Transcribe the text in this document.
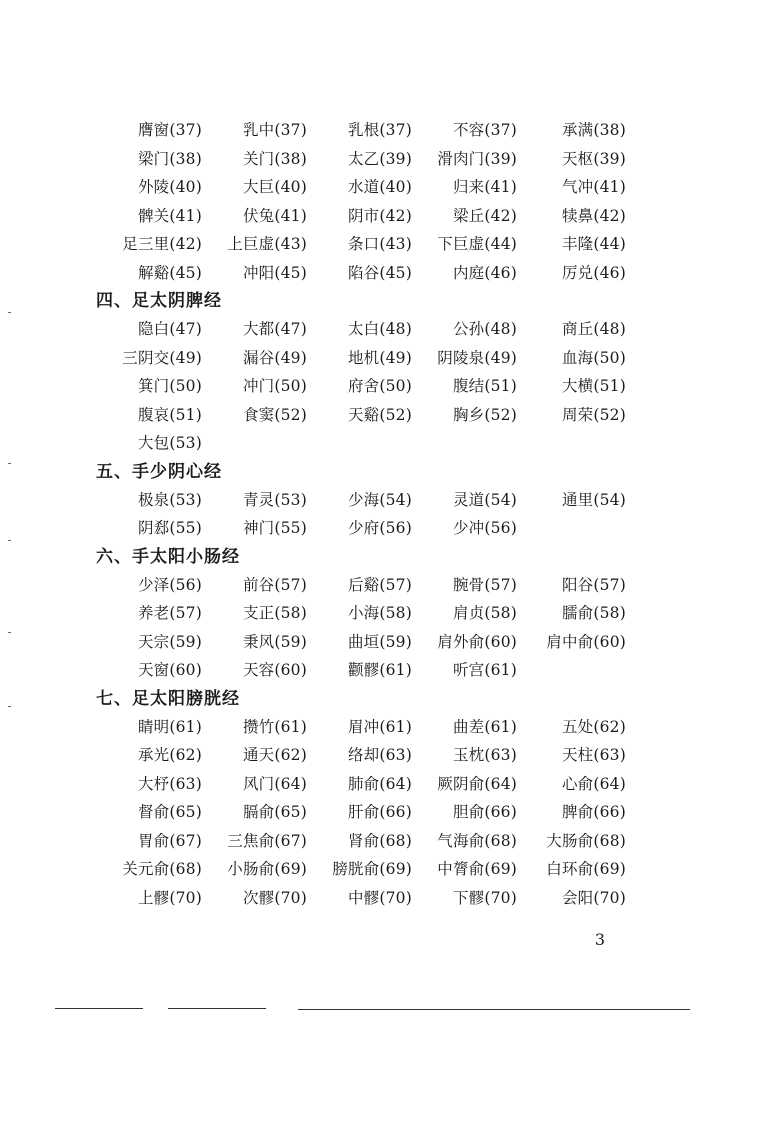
膺窗(37)	乳中(37)	乳根(37)	不容(37)	承满(38)
梁门(38)	关门(38)	太乙(39)	滑肉门(39)	天枢(39)
外陵(40)	大巨(40)	水道(40)	归来(41)	气冲(41)
髀关(41)	伏兔(41)	阴市(42)	梁丘(42)	犊鼻(42)
足三里(42)	上巨虚(43)	条口(43)	下巨虚(44)	丰隆(44)
解谿(45)	冲阳(45)	陷谷(45)	内庭(46)	厉兑(46)
四、足太阴脾经
隐白(47)	大都(47)	太白(48)	公孙(48)	商丘(48)
三阴交(49)	漏谷(49)	地机(49)	阴陵泉(49)	血海(50)
箕门(50)	冲门(50)	府舍(50)	腹结(51)	大横(51)
腹哀(51)	食窦(52)	天谿(52)	胸乡(52)	周荣(52)
大包(53)
五、手少阴心经
极泉(53)	青灵(53)	少海(54)	灵道(54)	通里(54)
阴郄(55)	神门(55)	少府(56)	少冲(56)
六、手太阳小肠经
少泽(56)	前谷(57)	后谿(57)	腕骨(57)	阳谷(57)
养老(57)	支正(58)	小海(58)	肩贞(58)	臑俞(58)
天宗(59)	秉风(59)	曲垣(59)	肩外俞(60)	肩中俞(60)
天窗(60)	天容(60)	颧髎(61)	听宫(61)
七、足太阳膀胱经
睛明(61)	攒竹(61)	眉冲(61)	曲差(61)	五处(62)
承光(62)	通天(62)	络却(63)	玉枕(63)	天柱(63)
大杼(63)	风门(64)	肺俞(64)	厥阴俞(64)	心俞(64)
督俞(65)	膈俞(65)	肝俞(66)	胆俞(66)	脾俞(66)
胃俞(67)	三焦俞(67)	肾俞(68)	气海俞(68)	大肠俞(68)
关元俞(68)	小肠俞(69)	膀胱俞(69)	中膂俞(69)	白环俞(69)
上髎(70)	次髎(70)	中髎(70)	下髎(70)	会阳(70)
3
